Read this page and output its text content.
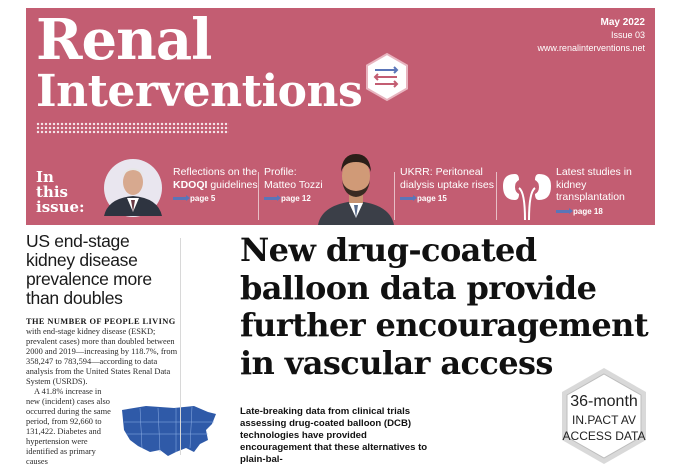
Renal
Interventions
May 2022
Issue 03
www.renalinterventions.net
In this issue:
Reflections on the KDOQI guidelines
page 5
Profile: Matteo Tozzi
page 12
UKRR: Peritoneal dialysis uptake rises
page 15
Latest studies in kidney transplantation
page 18
US end-stage kidney disease prevalence more than doubles
THE NUMBER OF PEOPLE LIVING

with end-stage kidney disease (ESKD; prevalent cases) more than doubled between 2000 and 2019—increasing by 118.7%, from 358,247 to 783,594—according to data analysis from the United States Renal Data System (USRDS).

A 41.8% increase in new (incident) cases also occurred during the same period, from 92,660 to 131,422. Diabetes and hypertension were identified as primary causes

New drug-coated balloon data provide further encouragement in vascular access
Late-breaking data from clinical trials assessing drug-coated balloon (DCB) technologies have provided encouragement that these alternatives to plain-bal-
36-month
IN.PACT AV
ACCESS DATA
